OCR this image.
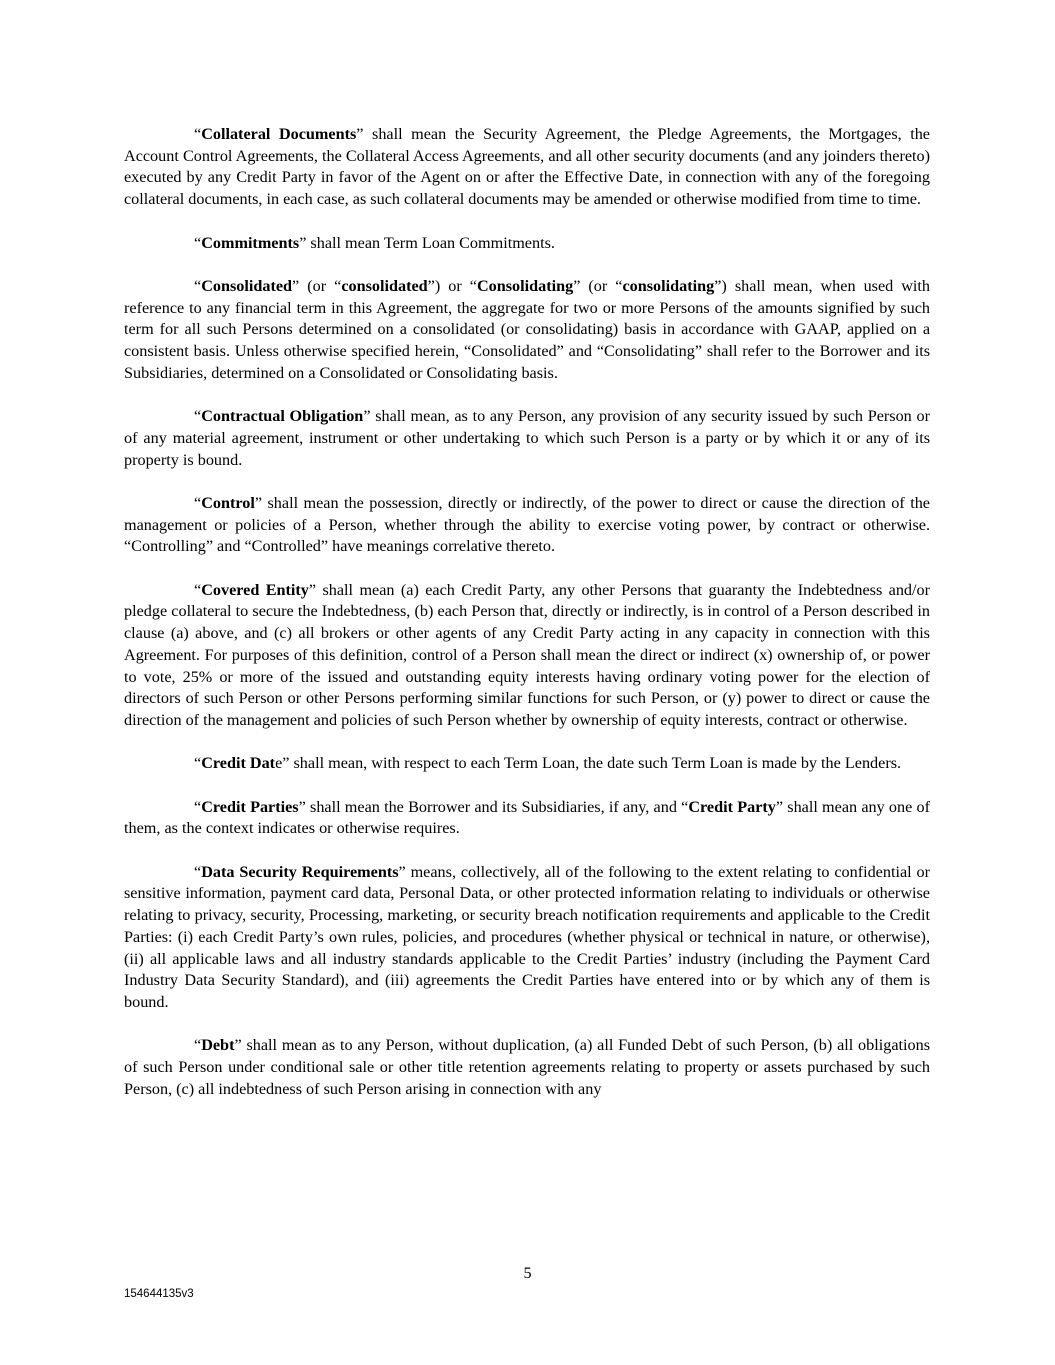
“Collateral Documents” shall mean the Security Agreement, the Pledge Agreements, the Mortgages, the Account Control Agreements, the Collateral Access Agreements, and all other security documents (and any joinders thereto) executed by any Credit Party in favor of the Agent on or after the Effective Date, in connection with any of the foregoing collateral documents, in each case, as such collateral documents may be amended or otherwise modified from time to time.

“Commitments” shall mean Term Loan Commitments.

“Consolidated” (or “consolidated”) or “Consolidating” (or “consolidating”) shall mean, when used with reference to any financial term in this Agreement, the aggregate for two or more Persons of the amounts signified by such term for all such Persons determined on a consolidated (or consolidating) basis in accordance with GAAP, applied on a consistent basis. Unless otherwise specified herein, “Consolidated” and “Consolidating” shall refer to the Borrower and its Subsidiaries, determined on a Consolidated or Consolidating basis.

“Contractual Obligation” shall mean, as to any Person, any provision of any security issued by such Person or of any material agreement, instrument or other undertaking to which such Person is a party or by which it or any of its property is bound.

“Control” shall mean the possession, directly or indirectly, of the power to direct or cause the direction of the management or policies of a Person, whether through the ability to exercise voting power, by contract or otherwise. “Controlling” and “Controlled” have meanings correlative thereto.

“Covered Entity” shall mean (a) each Credit Party, any other Persons that guaranty the Indebtedness and/or pledge collateral to secure the Indebtedness, (b) each Person that, directly or indirectly, is in control of a Person described in clause (a) above, and (c) all brokers or other agents of any Credit Party acting in any capacity in connection with this Agreement. For purposes of this definition, control of a Person shall mean the direct or indirect (x) ownership of, or power to vote, 25% or more of the issued and outstanding equity interests having ordinary voting power for the election of directors of such Person or other Persons performing similar functions for such Person, or (y) power to direct or cause the direction of the management and policies of such Person whether by ownership of equity interests, contract or otherwise.

“Credit Date” shall mean, with respect to each Term Loan, the date such Term Loan is made by the Lenders.

“Credit Parties” shall mean the Borrower and its Subsidiaries, if any, and “Credit Party” shall mean any one of them, as the context indicates or otherwise requires.

“Data Security Requirements” means, collectively, all of the following to the extent relating to confidential or sensitive information, payment card data, Personal Data, or other protected information relating to individuals or otherwise relating to privacy, security, Processing, marketing, or security breach notification requirements and applicable to the Credit Parties: (i) each Credit Party’s own rules, policies, and procedures (whether physical or technical in nature, or otherwise), (ii) all applicable laws and all industry standards applicable to the Credit Parties’ industry (including the Payment Card Industry Data Security Standard), and (iii) agreements the Credit Parties have entered into or by which any of them is bound.

“Debt” shall mean as to any Person, without duplication, (a) all Funded Debt of such Person, (b) all obligations of such Person under conditional sale or other title retention agreements relating to property or assets purchased by such Person, (c) all indebtedness of such Person arising in connection with any

5
154644135v3
